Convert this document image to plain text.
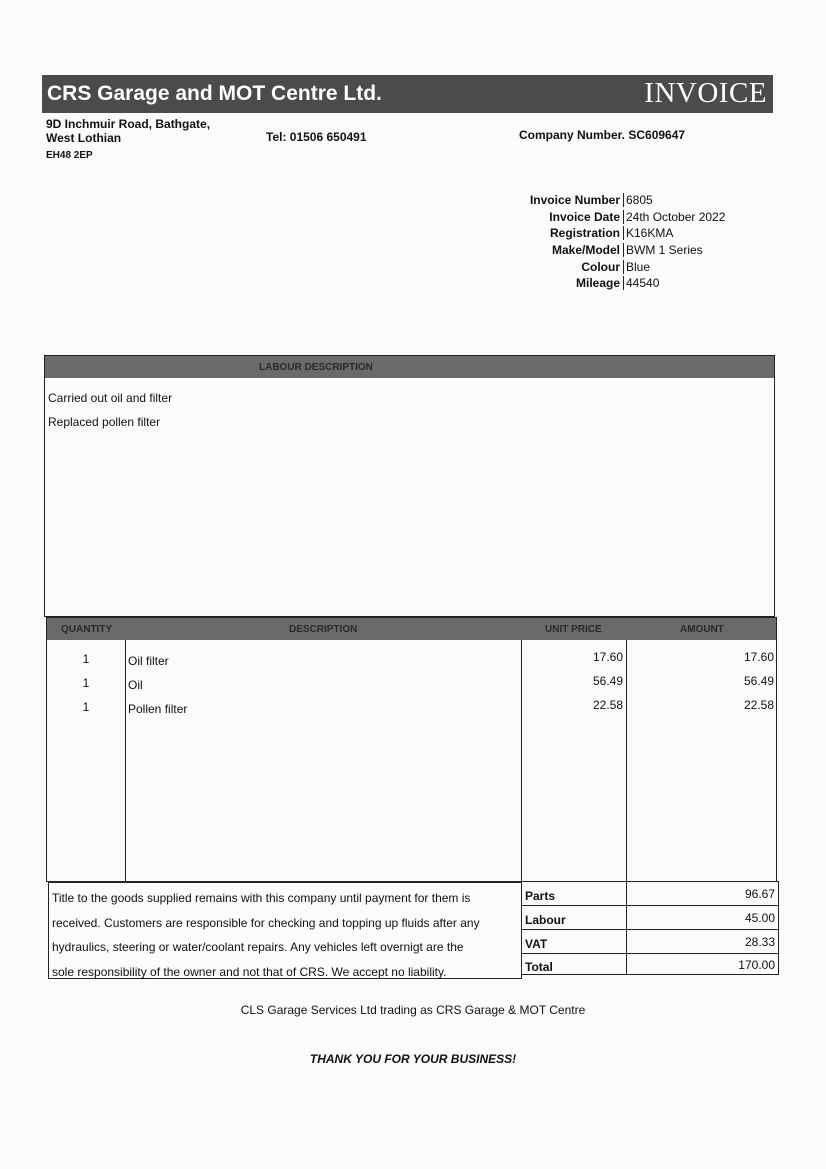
CRS Garage and MOT Centre Ltd.	INVOICE
9D Inchmuir Road, Bathgate,
West Lothian
EH48 2EP
Tel: 01506 650491	Company Number. SC609647
Invoice Number 6805
Invoice Date 24th October 2022
Registration K16KMA
Make/Model BWM 1 Series
Colour Blue
Mileage 44540
LABOUR DESCRIPTION
Carried out oil and filter
Replaced pollen filter
QUANTITY	DESCRIPTION	UNIT PRICE	AMOUNT
1	Oil filter	17.60	17.60
1	Oil	56.49	56.49
1	Pollen filter	22.58	22.58
Title to the goods supplied remains with this company until payment for them is
received. Customers are responsible for checking and topping up fluids after any
hydraulics, steering or water/coolant repairs. Any vehicles left overnigt are the
sole responsibility of the owner and not that of CRS. We accept no liability.
Parts	96.67
Labour	45.00
VAT	28.33
Total	170.00
CLS Garage Services Ltd trading as CRS Garage & MOT Centre
THANK YOU FOR YOUR BUSINESS!
